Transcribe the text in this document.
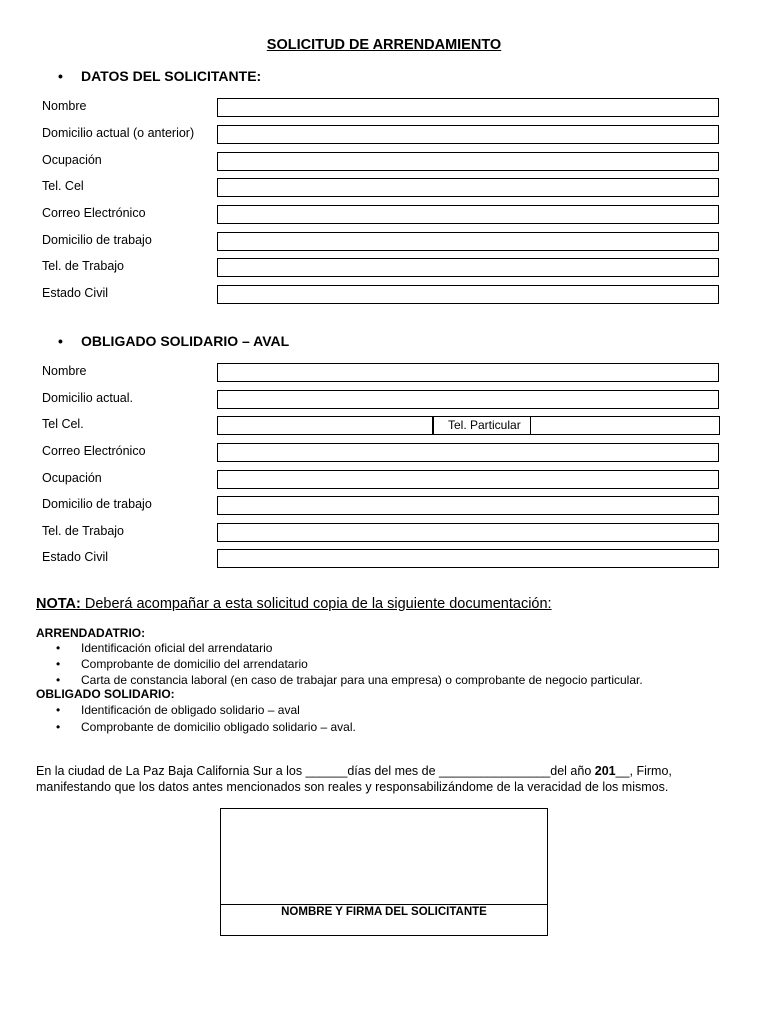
SOLICITUD DE ARRENDAMIENTO
• DATOS DEL SOLICITANTE:
Nombre
Domicilio actual (o anterior)
Ocupación
Tel. Cel
Correo Electrónico
Domicilio de trabajo
Tel. de Trabajo
Estado Civil
• OBLIGADO SOLIDARIO – AVAL
Nombre
Domicilio actual.
Tel Cel.	Tel. Particular
Correo Electrónico
Ocupación
Domicilio de trabajo
Tel. de Trabajo
Estado Civil
NOTA: Deberá acompañar a esta solicitud copia de la siguiente documentación:
ARRENDADATRIO:
• Identificación oficial del arrendatario
• Comprobante de domicilio del arrendatario
• Carta de constancia laboral (en caso de trabajar para una empresa) o comprobante de negocio particular.
OBLIGADO SOLIDARIO:
• Identificación de obligado solidario – aval
• Comprobante de domicilio obligado solidario – aval.
En la ciudad de La Paz Baja California Sur a los ______días del mes de ________________del año 201__, Firmo, manifestando que los datos antes mencionados son reales y responsabilizándome de la veracidad de los mismos.
NOMBRE Y FIRMA DEL SOLICITANTE
